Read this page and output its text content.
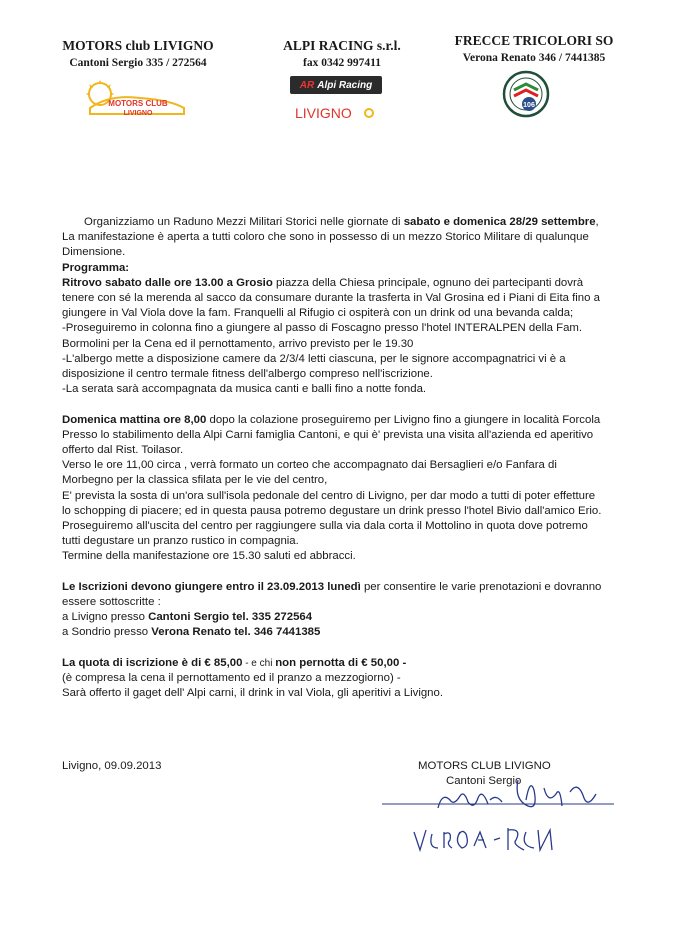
MOTORS club LIVIGNO
Cantoni Sergio 335 / 272564
ALPI RACING s.r.l.
fax 0342 997411
FRECCE TRICOLORI SO
Verona Renato 346 / 7441385
MOTORS CLUB
LIVIGNO
AR Alpi Racing
LIVIGNO	106

Organizziamo un Raduno Mezzi Militari Storici nelle giornate di sabato e domenica 28/29 settembre,

La manifestazione è aperta a tutti coloro che sono in possesso di un mezzo Storico Militare di qualunque

Dimensione.

Programma:

Ritrovo sabato dalle ore 13.00 a Grosio piazza della Chiesa principale, ognuno dei partecipanti dovrà

tenere con sé la merenda al sacco da consumare durante la trasferta in Val Grosina ed i Piani di Eita fino a

giungere in Val Viola dove la fam. Franquelli al Rifugio ci ospiterà con un drink od una bevanda calda;

-Proseguiremo in colonna fino a giungere al passo di Foscagno presso l'hotel INTERALPEN della Fam.

Bormolini per la Cena ed il pernottamento, arrivo previsto per le 19.30

-L'albergo mette a disposizione camere da 2/3/4 letti ciascuna, per le signore accompagnatrici vi è a

disposizione il centro termale fitness dell'albergo compreso nell'iscrizione.

-La serata sarà accompagnata da musica canti e balli fino a notte fonda.

Domenica mattina ore 8,00 dopo la colazione proseguiremo per Livigno fino a giungere in località Forcola

Presso lo stabilimento della Alpi Carni famiglia Cantoni, e qui è' prevista una visita all'azienda ed aperitivo

offerto dal Rist. Toilasor.

Verso le ore 11,00 circa , verrà formato un corteo che accompagnato dai Bersaglieri e/o Fanfara di

Morbegno per la classica sfilata per le vie del centro,

E' prevista la sosta di un'ora sull'isola pedonale del centro di Livigno, per dar modo a tutti di poter effetture

lo schopping di piacere; ed in questa pausa potremo degustare un drink presso l'hotel Bivio dall'amico Erio.

Proseguiremo all'uscita del centro per raggiungere sulla via dala corta il Mottolino in quota dove potremo

tutti degustare un pranzo rustico in compagnia.

Termine della manifestazione ore 15.30 saluti ed abbracci.

Le Iscrizioni devono giungere entro il 23.09.2013 lunedì per consentire le varie prenotazioni e dovranno

essere sottoscritte :

a Livigno presso Cantoni Sergio tel. 335 272564

a Sondrio presso Verona Renato tel. 346 7441385

La quota di iscrizione è di € 85,00 - e chi non pernotta di € 50,00 -

(è compresa la cena il pernottamento ed il pranzo a mezzogiorno) -

Sarà offerto il gaget dell' Alpi carni, il drink in val Viola, gli aperitivi a Livigno.

Livigno, 09.09.2013	MOTORS CLUB LIVIGNO
Cantoni Sergio
